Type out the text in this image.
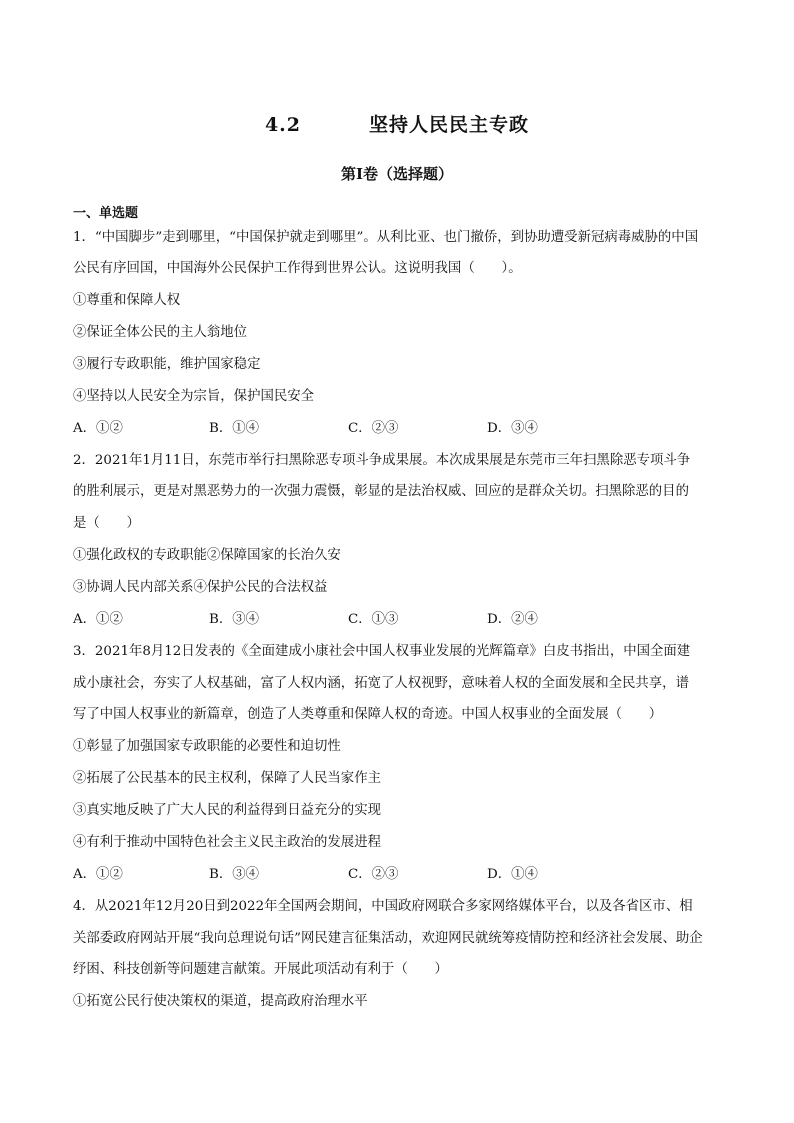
4.2	坚持人民民主专政
第I卷（选择题）
一、单选题
1．“中国脚步”走到哪里，“中国保护就走到哪里”。从利比亚、也门撤侨，到协助遭受新冠病毒威胁的中国
公民有序回国，中国海外公民保护工作得到世界公认。这说明我国（　　）。
①尊重和保障人权
②保证全体公民的主人翁地位
③履行专政职能，维护国家稳定
④坚持以人民安全为宗旨，保护国民安全
A．①②	B．①④	C．②③	D．③④
2．2021年1月11日，东莞市举行扫黑除恶专项斗争成果展。本次成果展是东莞市三年扫黑除恶专项斗争
的胜利展示，更是对黑恶势力的一次强力震慑，彰显的是法治权威、回应的是群众关切。扫黑除恶的目的
是（　　）
①强化政权的专政职能②保障国家的长治久安
③协调人民内部关系④保护公民的合法权益
A．①②	B．③④	C．①③	D．②④
3．2021年8月12日发表的《全面建成小康社会中国人权事业发展的光辉篇章》白皮书指出，中国全面建
成小康社会，夯实了人权基础，富了人权内涵，拓宽了人权视野，意味着人权的全面发展和全民共享，谱
写了中国人权事业的新篇章，创造了人类尊重和保障人权的奇迹。中国人权事业的全面发展（　　）
①彰显了加强国家专政职能的必要性和迫切性
②拓展了公民基本的民主权利，保障了人民当家作主
③真实地反映了广大人民的利益得到日益充分的实现
④有利于推动中国特色社会主义民主政治的发展进程
A．①②	B．③④	C．②③	D．①④
4．从2021年12月20日到2022年全国两会期间，中国政府网联合多家网络媒体平台，以及各省区市、相
关部委政府网站开展“我向总理说句话”网民建言征集活动，欢迎网民就统筹疫情防控和经济社会发展、助企
纾困、科技创新等问题建言献策。开展此项活动有利于（　　）
①拓宽公民行使决策权的渠道，提高政府治理水平
